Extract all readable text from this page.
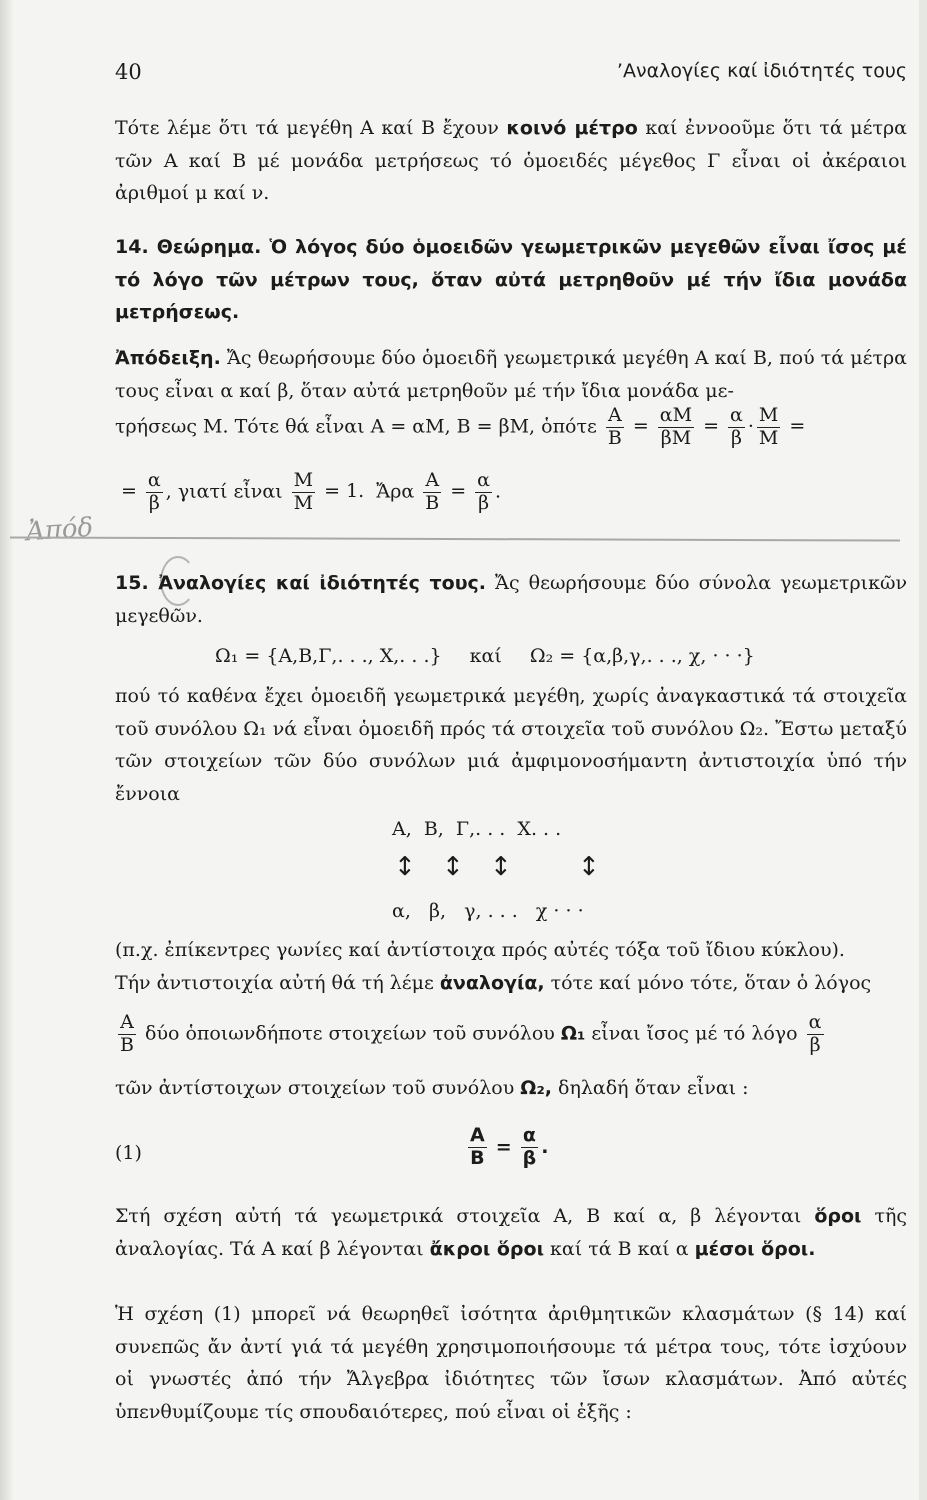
40	’Αναλογίες καί ἰδιότητές τους
Τότε λέμε ὅτι τά μεγέθη Α καί Β ἔχουν κοινό μέτρο καί ἐννοοῦμε ὅτι τά μέτρα τῶν Α καί Β μέ μονάδα μετρήσεως τό ὁμοειδές μέγεθος Γ εἶναι οἱ ἀκέραιοι ἀριθμοί μ καί ν.
14. Θεώρημα. Ὁ λόγος δύο ὁμοειδῶν γεωμετρικῶν μεγεθῶν εἶναι ἴσος μέ τό λόγο τῶν μέτρων τους, ὅταν αὐτά μετρηθοῦν μέ τήν ἴδια μονάδα μετρήσεως.
Ἀπόδειξη. Ἄς θεωρήσουμε δύο ὁμοειδῆ γεωμετρικά μεγέθη Α καί Β, πού τά μέτρα τους εἶναι α καί β, ὅταν αὐτά μετρηθοῦν μέ τήν ἴδια μονάδα με-
τρήσεως Μ. Τότε θά εἶναι Α = αΜ, Β = βΜ, ὁπότε $\frac{A}{B} = \frac{\alpha M}{\beta M} = \frac{\alpha}{\beta} \cdot \frac{M}{M}$ =
= $\frac{\alpha}{\beta}$ , γιατί εἶναι $\frac{M}{M} = 1$. Ἄρα $\frac{A}{B} = \frac{\alpha}{\beta}$ .
Ἀπόδ
15. Ἀναλογίες καί ἰδιότητές τους. Ἄς θεωρήσουμε δύο σύνολα γεωμετρικῶν μεγεθῶν.
Ω₁ = {Α,Β,Γ,. . ., Χ,. . .} καί Ω₂ = {α,β,γ,. . ., χ, · · ·}
πού τό καθένα ἔχει ὁμοειδῆ γεωμετρικά μεγέθη, χωρίς ἀναγκαστικά τά στοιχεῖα τοῦ συνόλου Ω₁ νά εἶναι ὁμοειδῆ πρός τά στοιχεῖα τοῦ συνόλου Ω₂. Ἔστω μεταξύ τῶν στοιχείων τῶν δύο συνόλων μιά ἀμφιμονοσήμαντη ἀντιστοιχία ὑπό τήν ἔννοια
Α,  Β,  Γ,. . .  Χ. . .
↕ ↕ ↕	↕
α,   β,   γ, . . .   χ · · ·
(π.χ. ἐπίκεντρες γωνίες καί ἀντίστοιχα πρός αὐτές τόξα τοῦ ἴδιου κύκλου).
Τήν ἀντιστοιχία αὐτή θά τή λέμε ἀναλογία, τότε καί μόνο τότε, ὅταν ὁ λόγος
$\frac{A}{B}$ δύο ὁποιωνδήποτε στοιχείων τοῦ συνόλου Ω₁ εἶναι ἴσος μέ τό λόγο $\frac{\alpha}{\beta}$
τῶν ἀντίστοιχων στοιχείων τοῦ συνόλου Ω₂, δηλαδή ὅταν εἶναι :
(1)	$\frac{A}{B} = \frac{\alpha}{\beta}$ .
Στή σχέση αὐτή τά γεωμετρικά στοιχεῖα Α, Β καί α, β λέγονται ὅροι τῆς ἀναλογίας. Τά Α καί β λέγονται ἄκροι ὅροι καί τά Β καί α μέσοι ὅροι.
Ἡ σχέση (1) μπορεῖ νά θεωρηθεῖ ἰσότητα ἀριθμητικῶν κλασμάτων (§ 14) καί συνεπῶς ἄν ἀντί γιά τά μεγέθη χρησιμοποιήσουμε τά μέτρα τους, τότε ἰσχύουν οἱ γνωστές ἀπό τήν Ἄλγεβρα ἰδιότητες τῶν ἴσων κλασμάτων. Ἀπό αὐτές ὑπενθυμίζουμε τίς σπουδαιότερες, πού εἶναι οἱ ἑξῆς :
